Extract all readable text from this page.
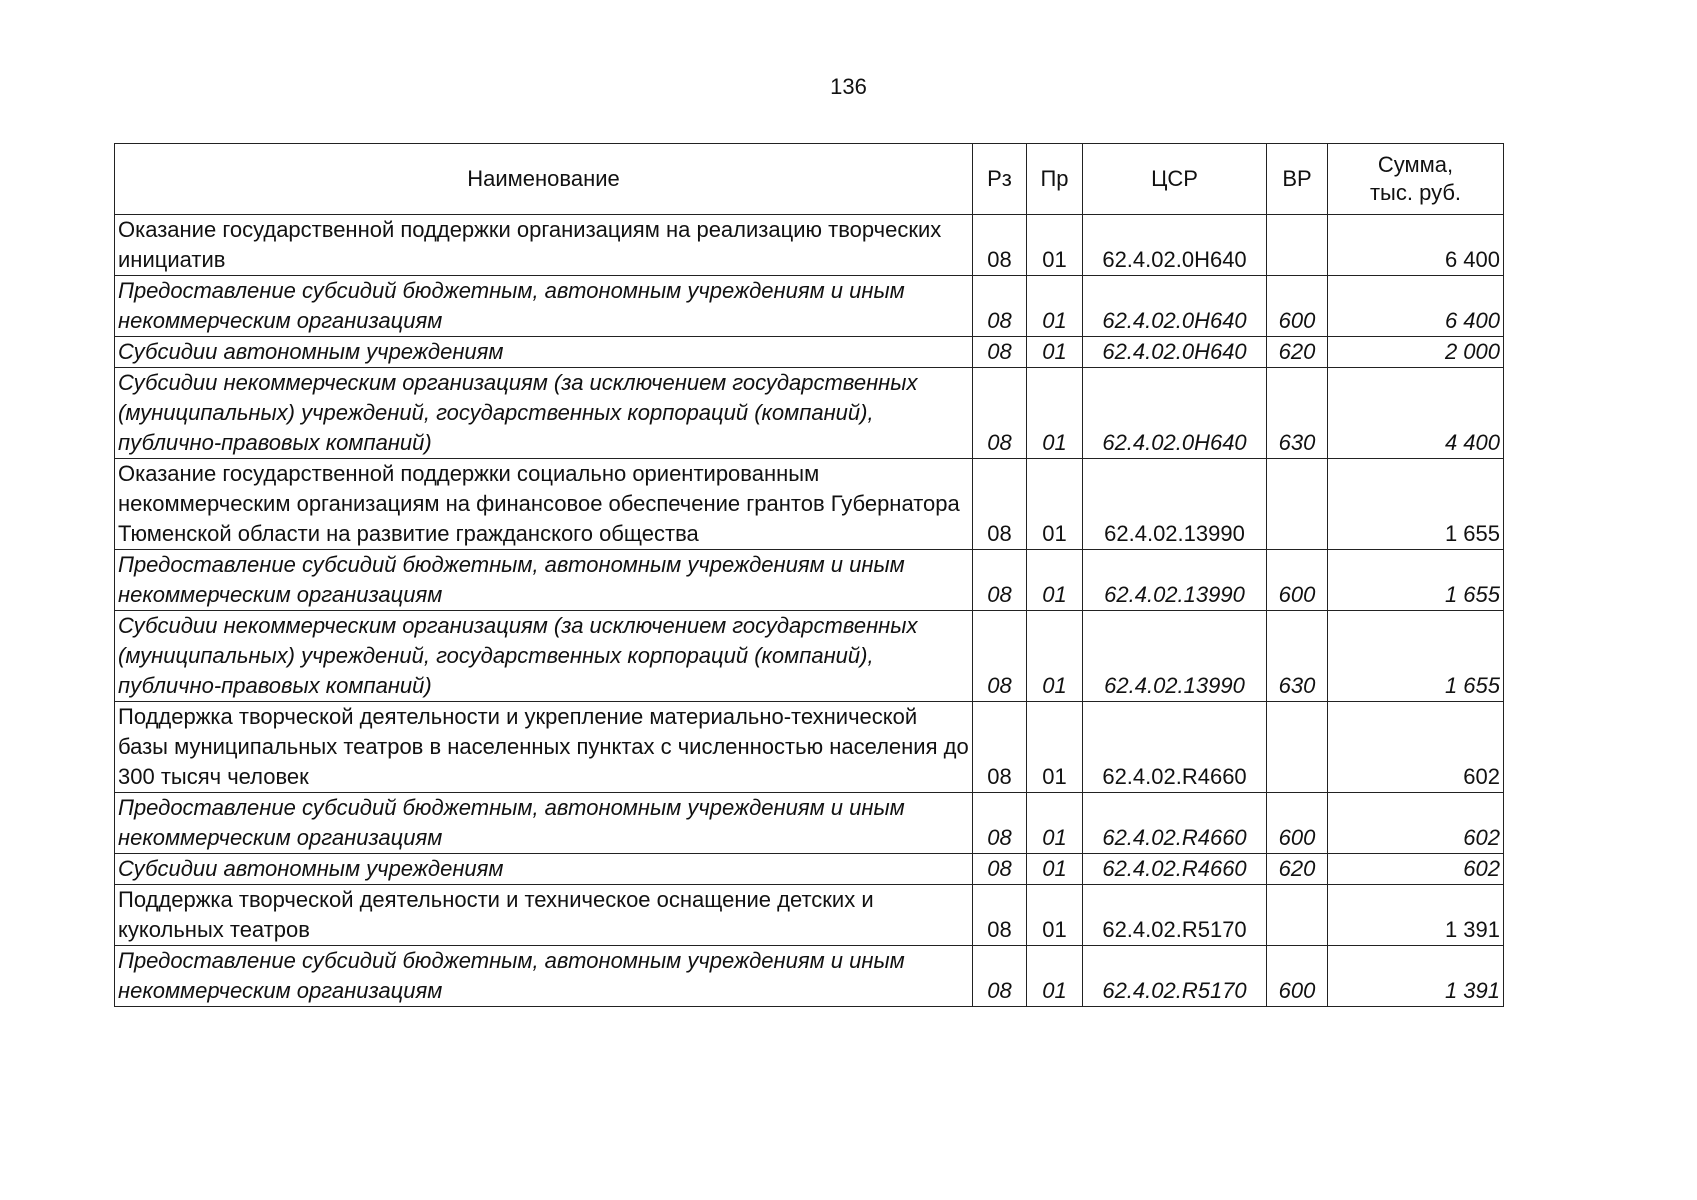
136
Наименование	Рз	Пр	ЦСР	ВР	Сумма,
тыс. руб.

Оказание государственной поддержки организациям на реализацию творческих инициатив	08	01	62.4.02.0Н640		6 400
Предоставление субсидий бюджетным, автономным учреждениям и иным некоммерческим организациям	08	01	62.4.02.0Н640	600	6 400
Субсидии автономным учреждениям	08	01	62.4.02.0Н640	620	2 000
Субсидии некоммерческим организациям (за исключением государственных (муниципальных) учреждений, государственных корпораций (компаний), публично-правовых компаний)	08	01	62.4.02.0Н640	630	4 400
Оказание государственной поддержки социально ориентированным некоммерческим организациям на финансовое обеспечение грантов Губернатора Тюменской области на развитие гражданского общества	08	01	62.4.02.13990		1 655
Предоставление субсидий бюджетным, автономным учреждениям и иным некоммерческим организациям	08	01	62.4.02.13990	600	1 655
Субсидии некоммерческим организациям (за исключением государственных (муниципальных) учреждений, государственных корпораций (компаний), публично-правовых компаний)	08	01	62.4.02.13990	630	1 655
Поддержка творческой деятельности и укрепление материально-технической базы муниципальных театров в населенных пунктах с численностью населения до 300 тысяч человек	08	01	62.4.02.R4660		602
Предоставление субсидий бюджетным, автономным учреждениям и иным некоммерческим организациям	08	01	62.4.02.R4660	600	602
Субсидии автономным учреждениям	08	01	62.4.02.R4660	620	602
Поддержка творческой деятельности и техническое оснащение детских и кукольных театров	08	01	62.4.02.R5170		1 391
Предоставление субсидий бюджетным, автономным учреждениям и иным некоммерческим организациям	08	01	62.4.02.R5170	600	1 391
